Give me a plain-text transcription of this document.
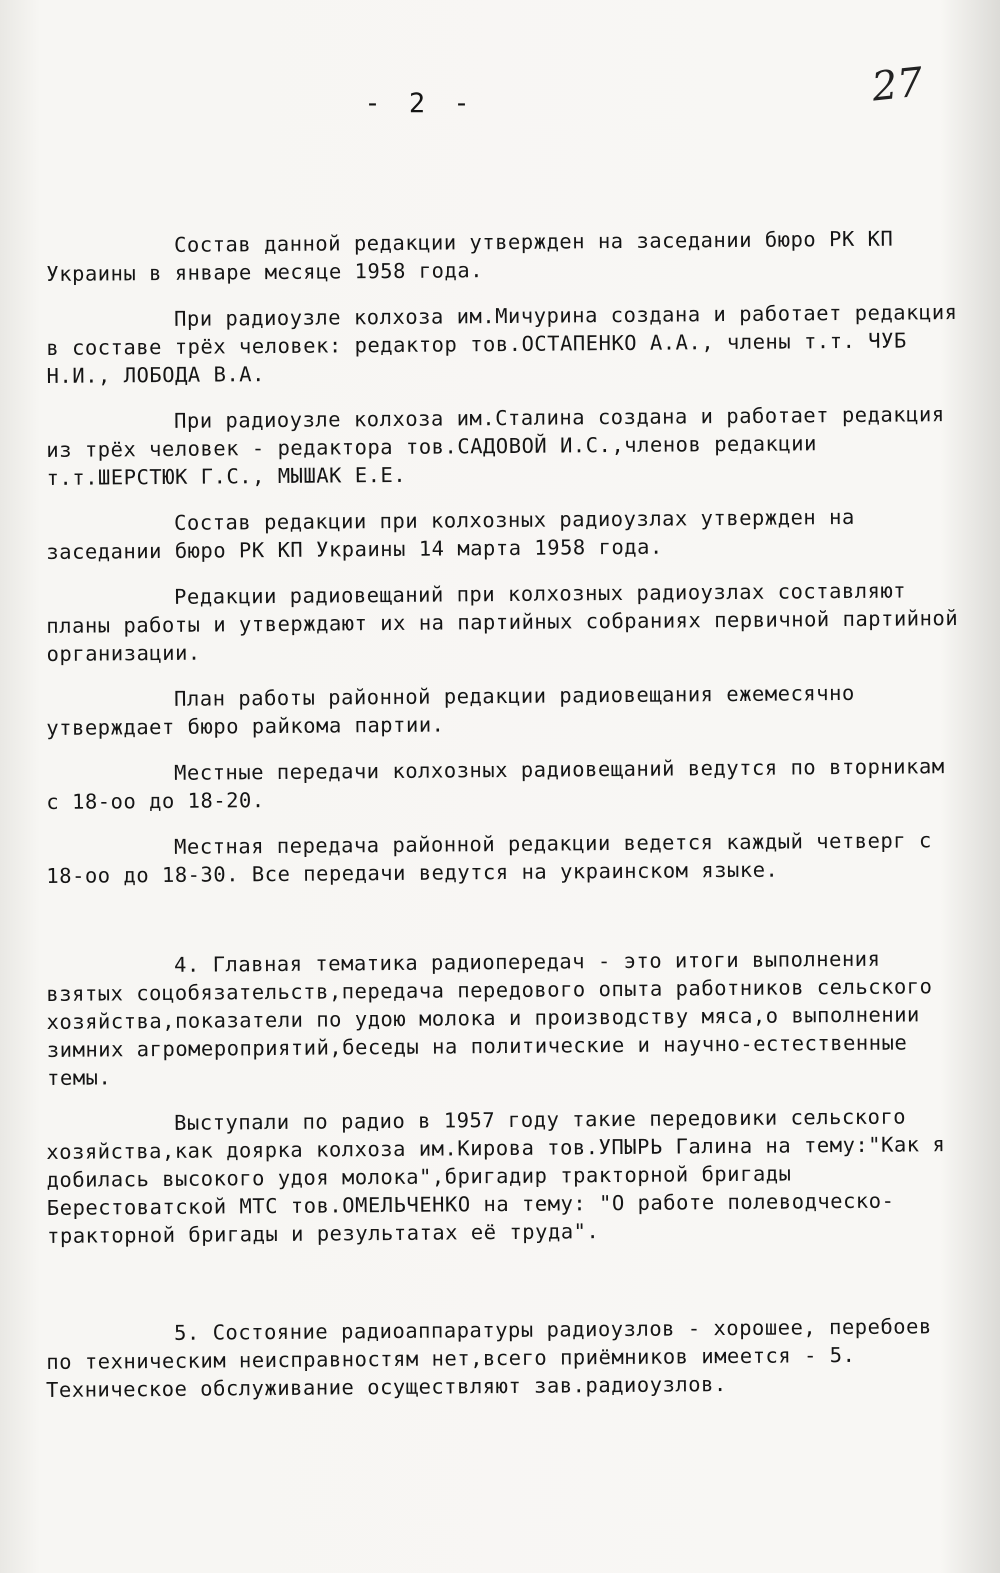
- 2 -	27

Состав данной редакции утвержден на заседании бюро РК КП Украины в январе месяце 1958 года.

При радиоузле колхоза им.Мичурина создана и работает редакция в составе трёх человек: редактор тов.ОСТАПЕНКО А.А., члены т.т. ЧУБ Н.И., ЛОБОДА В.А.

При радиоузле колхоза им.Сталина создана и работает редакция из трёх человек - редактора тов.САДОВОЙ И.С.,членов редакции т.т.ШЕРСТЮК Г.С., МЫШАК Е.Е.

Состав редакции при колхозных радиоузлах утвержден на заседании бюро РК КП Украины 14 марта 1958 года.

Редакции радиовещаний при колхозных радиоузлах составляют планы работы и утверждают их на партийных собраниях первичной партийной организации.

План работы районной редакции радиовещания ежемесячно утверждает бюро райкома партии.

Местные передачи колхозных радиовещаний ведутся по вторникам с 18-оо до 18-20.

Местная передача районной редакции ведется каждый четверг с 18-оо до 18-30. Все передачи ведутся на украинском языке.

4. Главная тематика радиопередач - это итоги выполнения взятых соцобязательств,передача передового опыта работников сельского хозяйства,показатели по удою молока и производству мяса,о выполнении зимних агромероприятий,беседы на политические и научно-естественные темы.

Выступали по радио в 1957 году такие передовики сельского хозяйства,как доярка колхоза им.Кирова тов.УПЫРЬ Галина на тему:"Как я добилась высокого удоя молока",бригадир тракторной бригады Берестоватской МТС тов.ОМЕЛЬЧЕНКО на тему: "О работе полеводческо-тракторной бригады и результатах её труда".

5. Состояние радиоаппаратуры радиоузлов - хорошее, перебоев по техническим неисправностям нет,всего приёмников имеется - 5.

Техническое обслуживание осуществляют зав.радиоузлов.
